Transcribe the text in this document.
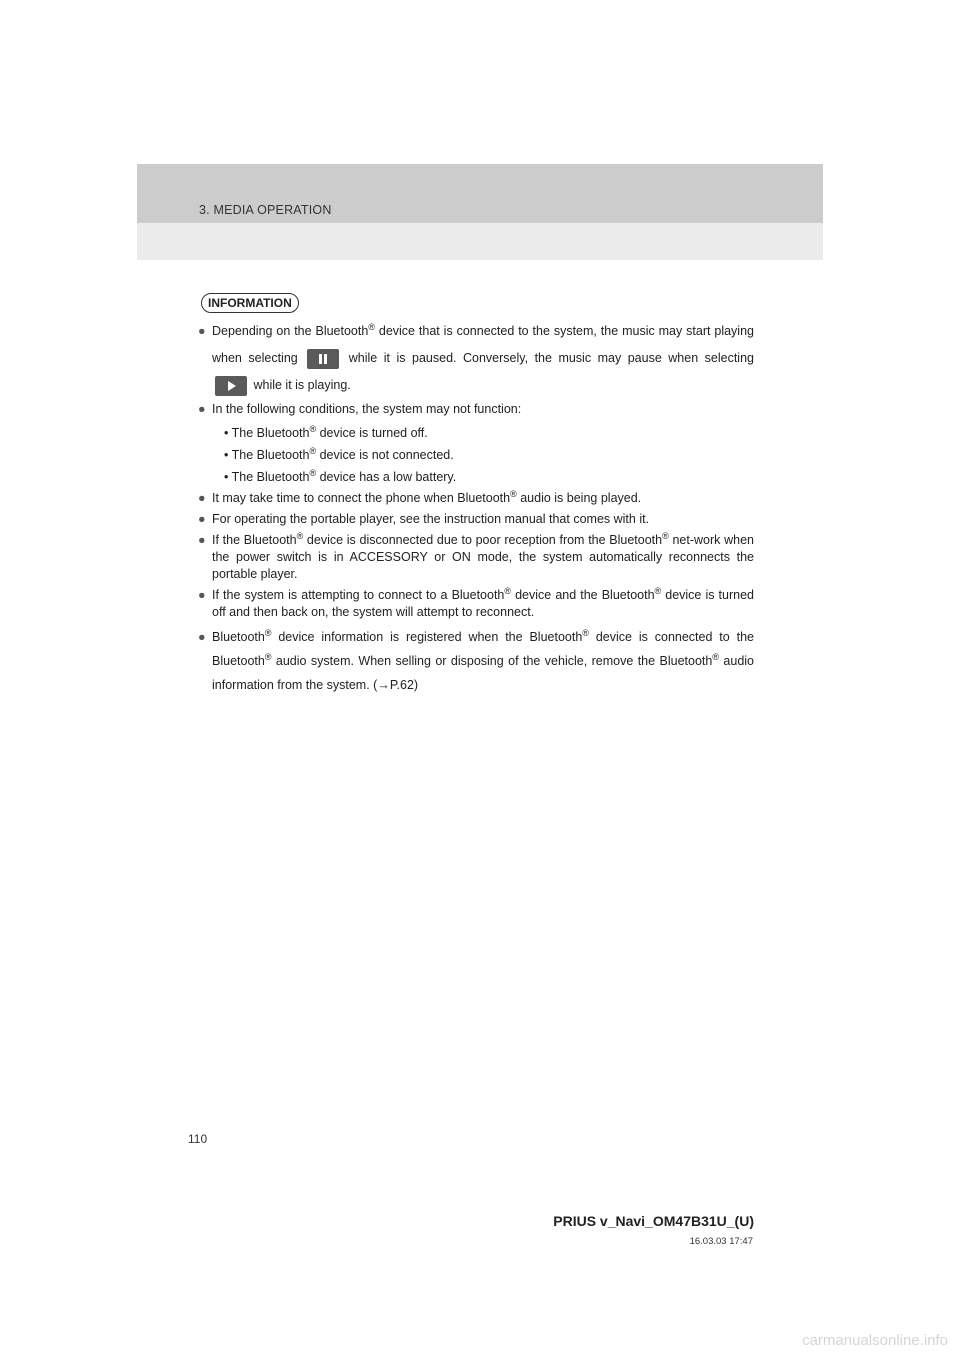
3. MEDIA OPERATION
INFORMATION
● Depending on the Bluetooth® device that is connected to the system, the music may start playing when selecting	while it is paused. Conversely, the music may pause when selecting  while it is playing.
● In the following conditions, the system may not function:
• The Bluetooth® device is turned off.
• The Bluetooth® device is not connected.
• The Bluetooth® device has a low battery.
● It may take time to connect the phone when Bluetooth® audio is being played.
● For operating the portable player, see the instruction manual that comes with it.
● If the Bluetooth® device is disconnected due to poor reception from the Bluetooth® net-work when the power switch is in ACCESSORY or ON mode, the system automatically reconnects the portable player.
● If the system is attempting to connect to a Bluetooth® device and the Bluetooth® device is turned off and then back on, the system will attempt to reconnect.
● Bluetooth® device information is registered when the Bluetooth® device is connected to the Bluetooth® audio system. When selling or disposing of the vehicle, remove the Bluetooth® audio information from the system. (→P.62)
110
PRIUS v_Navi_OM47B31U_(U)
16.03.03 17:47
carmanualsonline.info
